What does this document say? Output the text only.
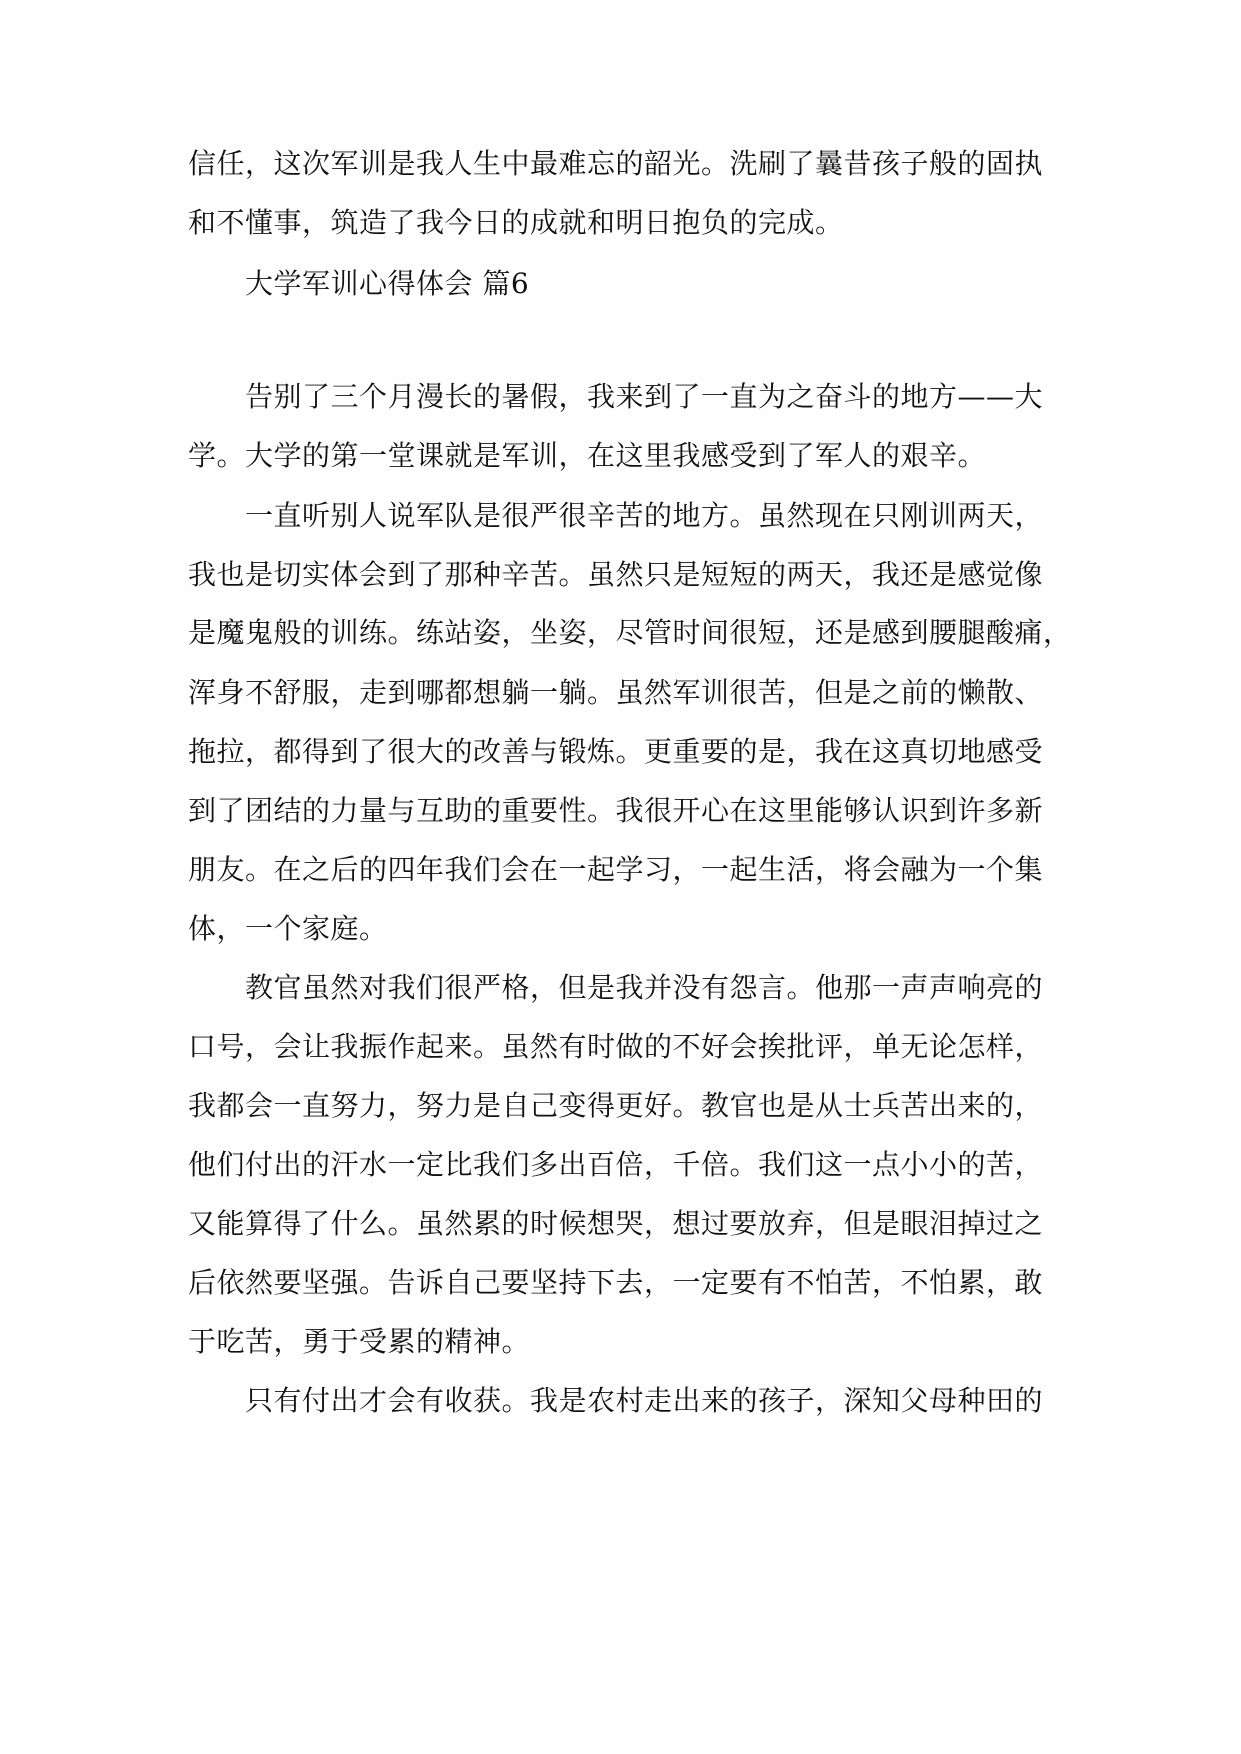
信任，这次军训是我人生中最难忘的韶光。洗刷了曩昔孩子般的固执
和不懂事，筑造了我今日的成就和明日抱负的完成。
大学军训心得体会 篇6
告别了三个月漫长的暑假，我来到了一直为之奋斗的地方——大
学。大学的第一堂课就是军训，在这里我感受到了军人的艰辛。
一直听别人说军队是很严很辛苦的地方。虽然现在只刚训两天，
我也是切实体会到了那种辛苦。虽然只是短短的两天，我还是感觉像
是魔鬼般的训练。练站姿，坐姿，尽管时间很短，还是感到腰腿酸痛，
浑身不舒服，走到哪都想躺一躺。虽然军训很苦，但是之前的懒散、
拖拉，都得到了很大的改善与锻炼。更重要的是，我在这真切地感受
到了团结的力量与互助的重要性。我很开心在这里能够认识到许多新
朋友。在之后的四年我们会在一起学习，一起生活，将会融为一个集
体，一个家庭。
教官虽然对我们很严格，但是我并没有怨言。他那一声声响亮的
口号，会让我振作起来。虽然有时做的不好会挨批评，单无论怎样，
我都会一直努力，努力是自己变得更好。教官也是从士兵苦出来的，
他们付出的汗水一定比我们多出百倍，千倍。我们这一点小小的苦，
又能算得了什么。虽然累的时候想哭，想过要放弃，但是眼泪掉过之
后依然要坚强。告诉自己要坚持下去，一定要有不怕苦，不怕累，敢
于吃苦，勇于受累的精神。
只有付出才会有收获。我是农村走出来的孩子，深知父母种田的
